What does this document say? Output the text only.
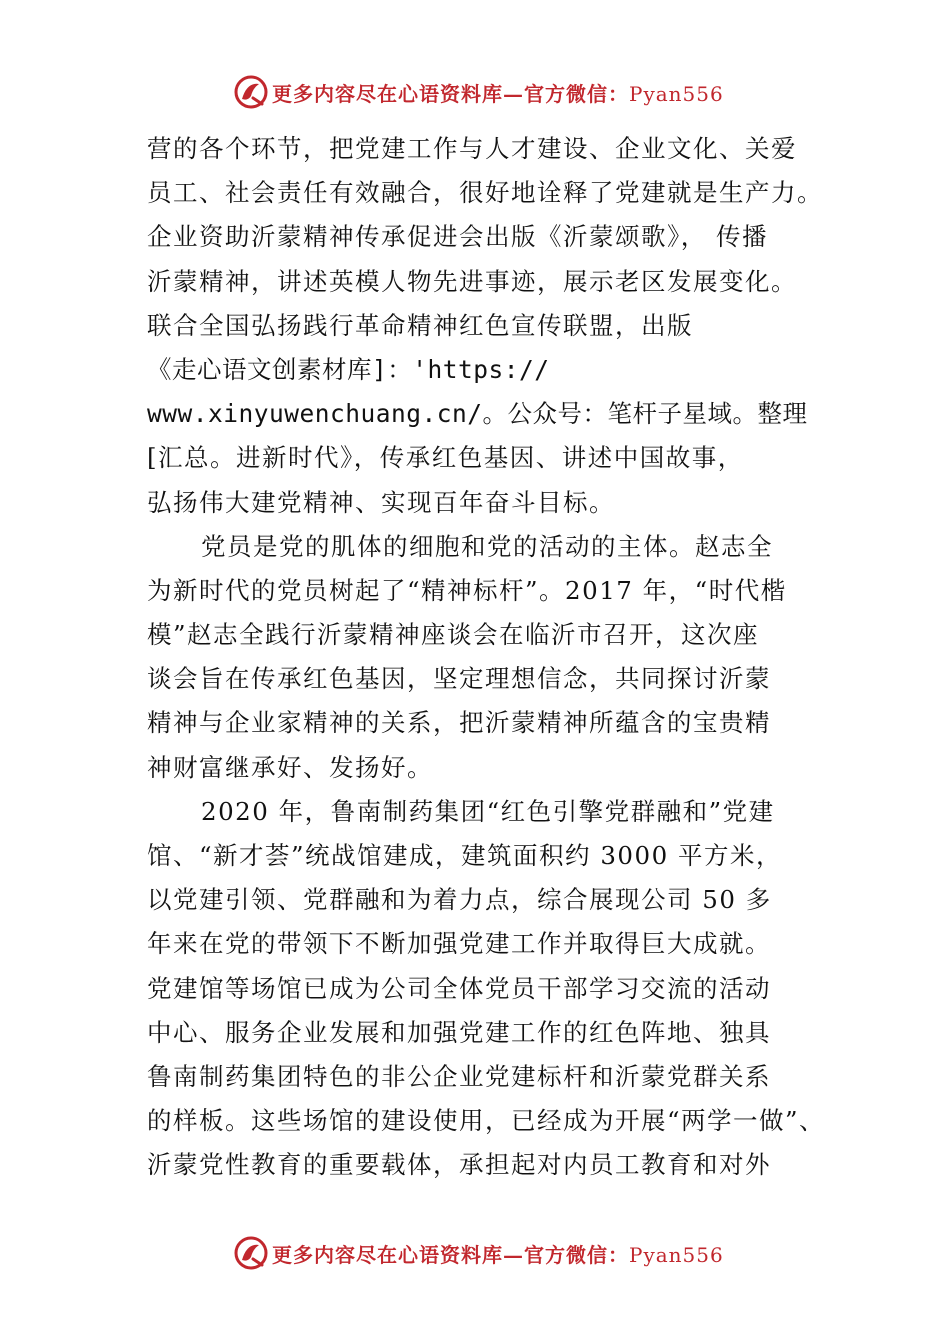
更多内容尽在心语资料库—官方微信：Pyan556
营的各个环节，把党建工作与人才建设、企业文化、关爱
员工、社会责任有效融合，很好地诠释了党建就是生产力。
企业资助沂蒙精神传承促进会出版《沂蒙颂歌》， 传播
沂蒙精神，讲述英模人物先进事迹，展示老区发展变化。
联合全国弘扬践行革命精神红色宣传联盟，出版
《走心语文创素材库]：'https://
www.xinyuwenchuang.cn/。公众号：笔杆子星域。整理
[汇总。进新时代》，传承红色基因、讲述中国故事，
弘扬伟大建党精神、实现百年奋斗目标。
党员是党的肌体的细胞和党的活动的主体。赵志全
为新时代的党员树起了“精神标杆”。2017 年，“时代楷
模”赵志全践行沂蒙精神座谈会在临沂市召开，这次座
谈会旨在传承红色基因，坚定理想信念，共同探讨沂蒙
精神与企业家精神的关系，把沂蒙精神所蕴含的宝贵精
神财富继承好、发扬好。
2020 年，鲁南制药集团“红色引擎党群融和”党建
馆、“新才荟”统战馆建成，建筑面积约 3000 平方米，
以党建引领、党群融和为着力点，综合展现公司 50 多
年来在党的带领下不断加强党建工作并取得巨大成就。
党建馆等场馆已成为公司全体党员干部学习交流的活动
中心、服务企业发展和加强党建工作的红色阵地、独具
鲁南制药集团特色的非公企业党建标杆和沂蒙党群关系
的样板。这些场馆的建设使用，已经成为开展“两学一做”、
沂蒙党性教育的重要载体，承担起对内员工教育和对外
更多内容尽在心语资料库—官方微信：Pyan556
